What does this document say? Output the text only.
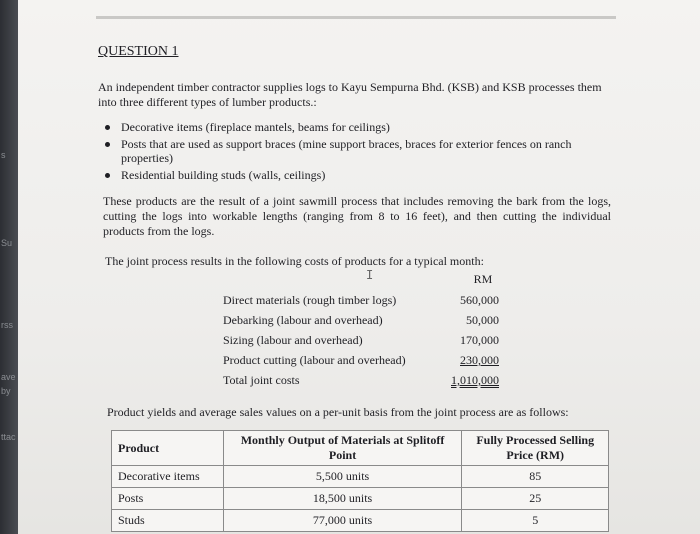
s
Su
rss
ave
by
ttac
QUESTION 1
An independent timber contractor supplies logs to Kayu Sempurna Bhd. (KSB) and KSB processes them into three different types of lumber products.:
Decorative items (fireplace mantels, beams for ceilings)
Posts that are used as support braces (mine support braces, braces for exterior fences on ranch properties)
Residential building studs (walls, ceilings)
These products are the result of a joint sawmill process that includes removing the bark from the logs, cutting the logs into workable lengths (ranging from 8 to 16 feet), and then cutting the individual products from the logs.
The joint process results in the following costs of products for a typical month:
I	RM
Direct materials (rough timber logs)	560,000
Debarking (labour and overhead)	50,000
Sizing (labour and overhead)	170,000
Product cutting (labour and overhead)	230,000
Total joint costs	1,010,000
Product yields and average sales values on a per-unit basis from the joint process are as follows:
Product	Monthly Output of Materials at Splitoff Point	Fully Processed Selling Price (RM)
Decorative items	5,500 units	85
Posts	18,500 units	25
Studs	77,000 units	5
